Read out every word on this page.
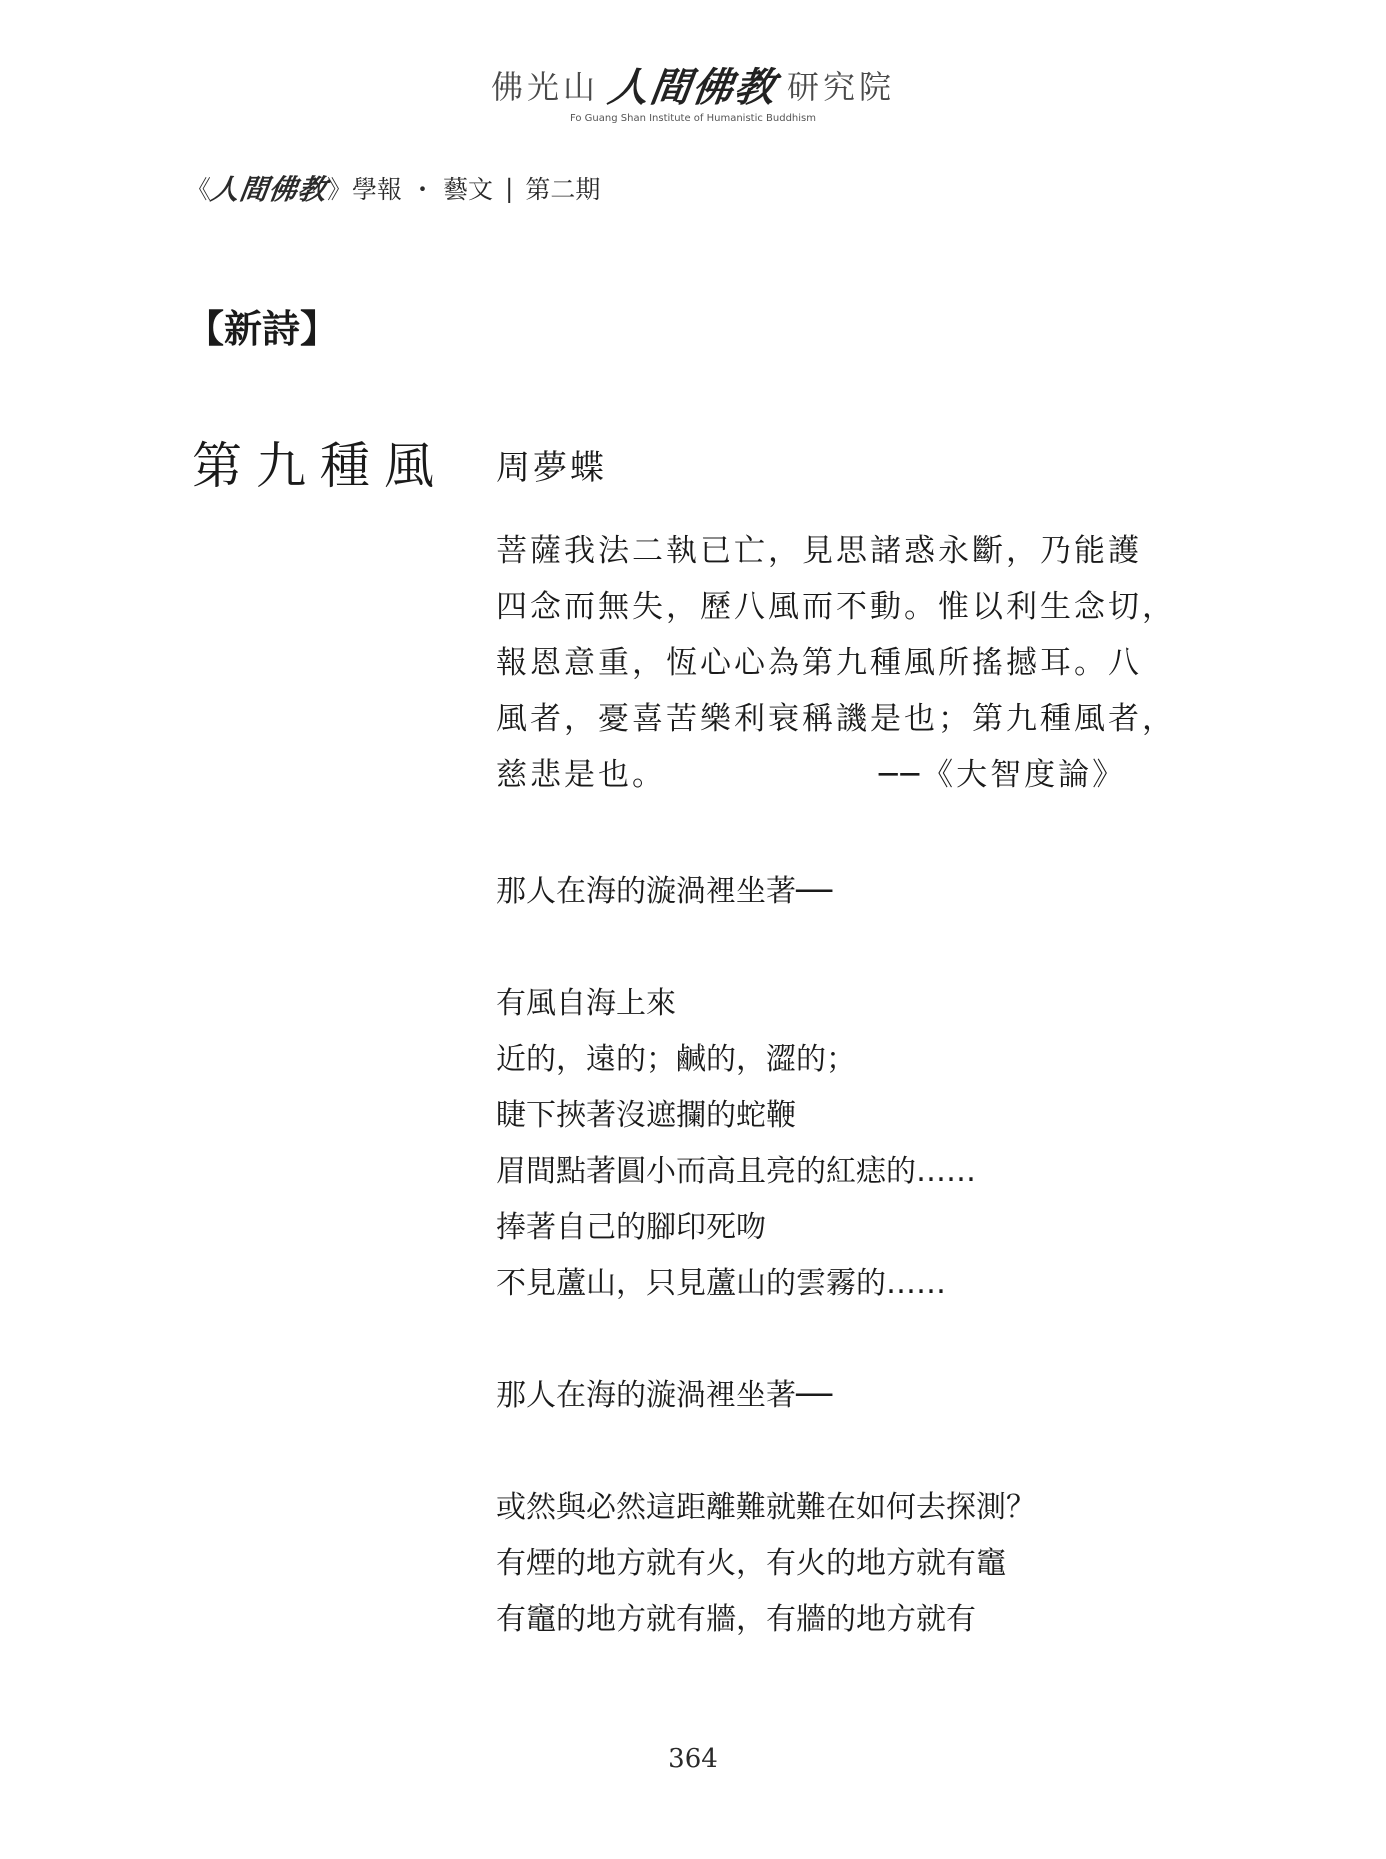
佛光山 人間佛教 研究院
Fo Guang Shan Institute of Humanistic Buddhism
《
人間佛教
》 學報 ・ 藝文 | 第二期
【新詩】
第九種風 周夢蝶
菩薩我法二執已亡，見思諸惑永斷，乃能護
四念而無失，歷八風而不動。惟以利生念切，
報恩意重，恆心心為第九種風所搖撼耳。八
風者，憂喜苦樂利衰稱譏是也；第九種風者，
慈悲是也。	──《大智度論》
那人在海的漩渦裡坐著──
有風自海上來
近的，遠的；鹹的，澀的；
睫下挾著沒遮攔的蛇鞭
眉間點著圓小而高且亮的紅痣的……
捧著自己的腳印死吻
不見蘆山，只見蘆山的雲霧的……
那人在海的漩渦裡坐著──
或然與必然這距離難就難在如何去探測？
有煙的地方就有火，有火的地方就有竈
有竈的地方就有牆，有牆的地方就有
364
